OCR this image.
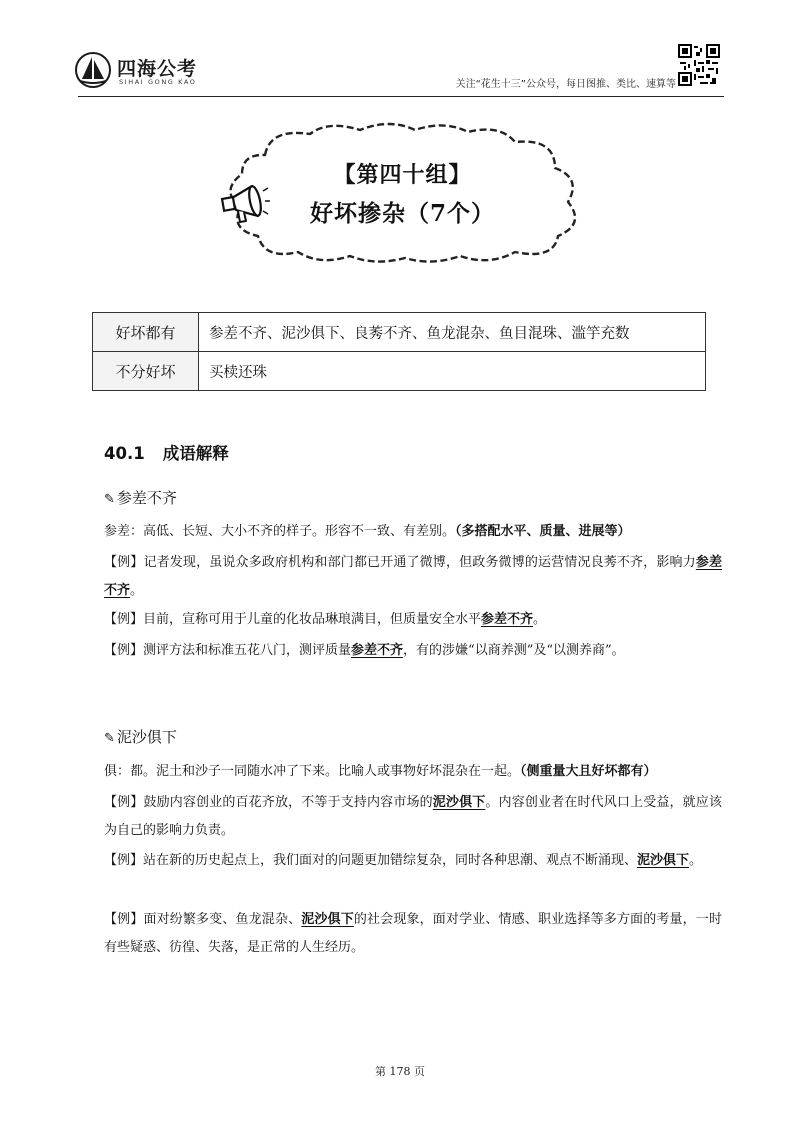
四海公考
SIHAI GONG KAO	关注“花生十三”公众号，每日图推、类比、速算等
【第四十组】
好坏掺杂（7个）
好坏都有	参差不齐、泥沙俱下、良莠不齐、鱼龙混杂、鱼目混珠、滥竽充数
不分好坏	买椟还珠
40.1 成语解释
✎ 参差不齐
参差：高低、长短、大小不齐的样子。形容不一致、有差别。（多搭配水平、质量、进展等）
【例】记者发现，虽说众多政府机构和部门都已开通了微博，但政务微博的运营情况良莠不齐，影响力参差不齐。
【例】目前，宣称可用于儿童的化妆品琳琅满目，但质量安全水平参差不齐。
【例】测评方法和标准五花八门，测评质量参差不齐，有的涉嫌“以商养测”及“以测养商”。
✎ 泥沙俱下
俱：都。泥土和沙子一同随水冲了下来。比喻人或事物好坏混杂在一起。（侧重量大且好坏都有）
【例】鼓励内容创业的百花齐放，不等于支持内容市场的泥沙俱下。内容创业者在时代风口上受益，就应该为自己的影响力负责。
【例】站在新的历史起点上，我们面对的问题更加错综复杂，同时各种思潮、观点不断涌现、泥沙俱下。
【例】面对纷繁多变、鱼龙混杂、泥沙俱下的社会现象，面对学业、情感、职业选择等多方面的考量，一时有些疑惑、彷徨、失落，是正常的人生经历。
第 178 页
